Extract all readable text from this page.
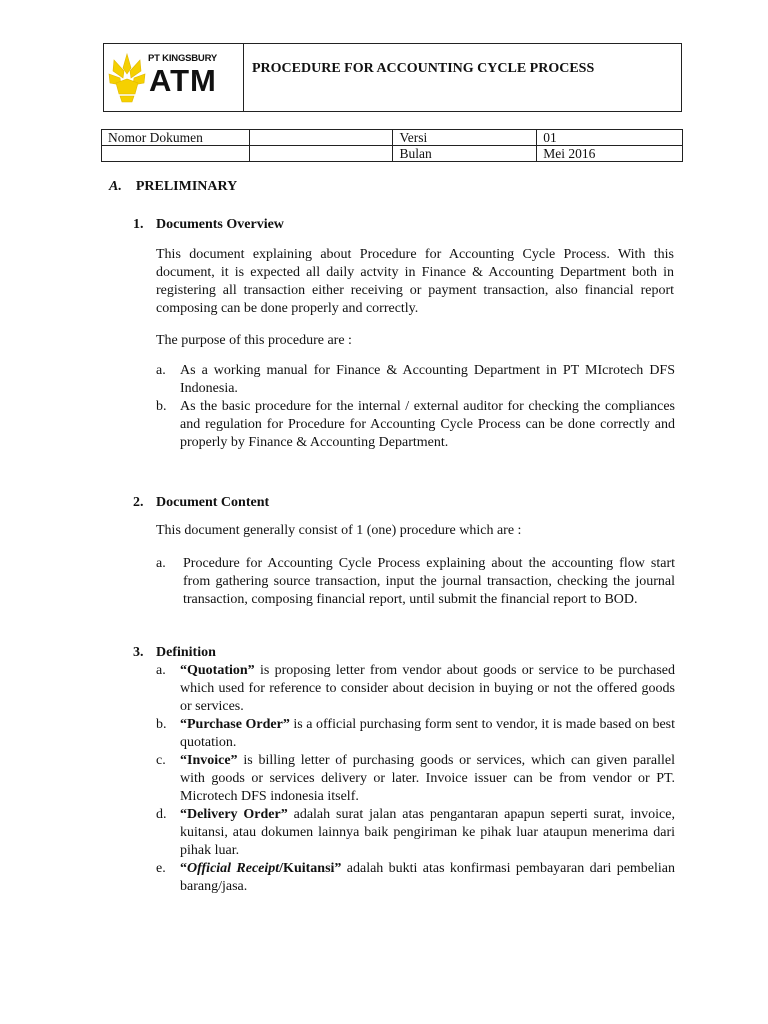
PT KINGSBURY
ATM	PROCEDURE FOR ACCOUNTING CYCLE PROCESS
Nomor Dokumen		Versi	01
		Bulan	Mei 2016
A. PRELIMINARY
1. Documents Overview
This document explaining about Procedure for Accounting Cycle Process. With this document, it is expected all daily actvity in Finance & Accounting Department both in registering all transaction either receiving or payment transaction, also financial report composing can be done properly and correctly.
The purpose of this procedure are :
a.	As a working manual for Finance & Accounting Department in PT MIcrotech DFS Indonesia.
b. As the basic procedure for the internal / external auditor for checking the compliances and regulation for Procedure for Accounting Cycle Process can be done correctly and properly by Finance & Accounting Department.
2. Document Content
This document generally consist of 1 (one) procedure which are :
a.	Procedure for Accounting Cycle Process explaining about the accounting flow start from gathering source transaction, input the journal transaction, checking the journal transaction, composing financial report, until submit the financial report to BOD.
3. Definition
a.	“Quotation” is proposing letter from vendor about goods or service to be purchased which used for reference to consider about decision in buying or not the offered goods or services.
b. “Purchase Order” is a official purchasing form sent to vendor, it is made based on best quotation.
c.	“Invoice” is billing letter of purchasing goods or services, which can given parallel with goods or services delivery or later. Invoice issuer can be from vendor or PT. Microtech DFS indonesia itself.
d. “Delivery Order” adalah surat jalan atas pengantaran apapun seperti surat, invoice, kuitansi, atau dokumen lainnya baik pengiriman ke pihak luar ataupun menerima dari pihak luar.
e.	“Official Receipt/Kuitansi” adalah bukti atas konfirmasi pembayaran dari pembelian barang/jasa.
